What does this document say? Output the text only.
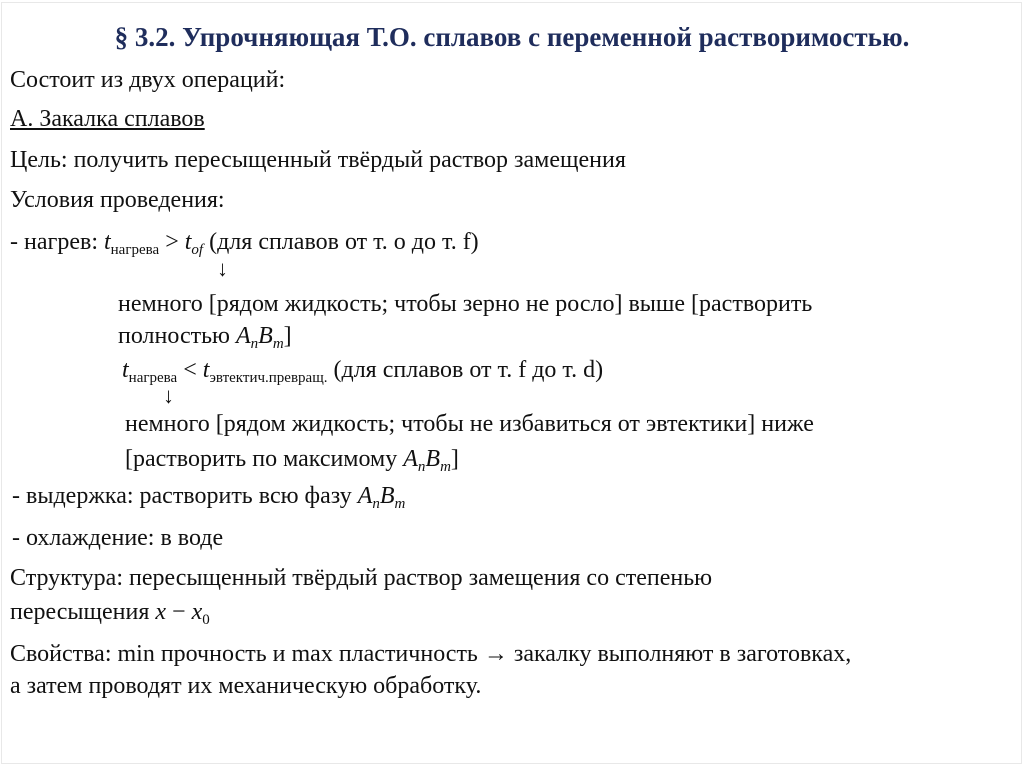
§ 3.2. Упрочняющая Т.О. сплавов с переменной растворимостью.
Состоит из двух операций:
А. Закалка сплавов
Цель: получить пересыщенный твёрдый раствор замещения
Условия проведения:
- нагрев: $t_{нагрева} > t_{of}$ (для сплавов от т. о до т. f)
↓
немного [рядом жидкость; чтобы зерно не росло] выше [растворить
полностью $A_nB_m$]
$t_{нагрева} < t_{эвтектич.превращ.}$ (для сплавов от т. f до т. d)
↓
немного [рядом жидкость; чтобы не избавиться от эвтектики] ниже
[растворить по максимому $A_nB_m$]
- выдержка: растворить всю фазу $A_nB_m$
- охлаждение: в воде
Структура: пересыщенный твёрдый раствор замещения со степенью
пересыщения $x - x_0$
Свойства: min прочность и max пластичность → закалку выполняют в заготовках,
а затем проводят их механическую обработку.
